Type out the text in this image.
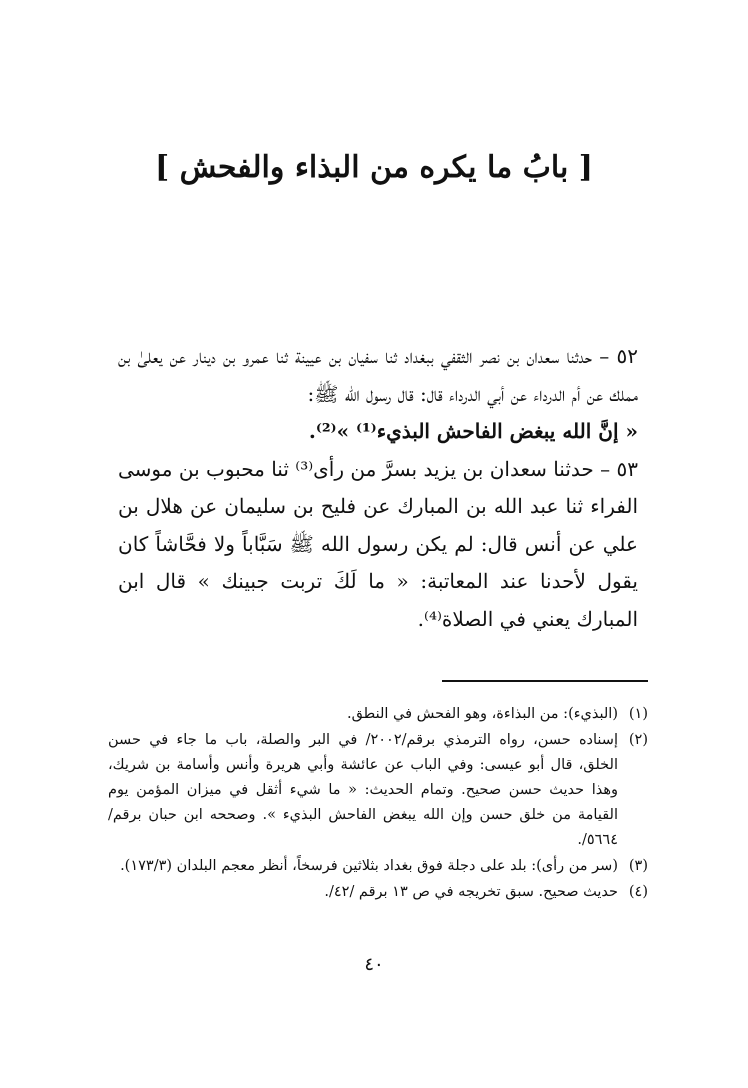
[ بابُ ما يكره من البذاء والفحش ]

٥٢ – حدثنا سعدان بن نصر الثقفي ببغداد ثنا سفيان بن عيينة ثنا عمرو بن دينار عن يعلىٰ بن مملك عن أم الدرداء عن أبي الدرداء قال: قال رسول الله ﷺ:

« إنَّ الله يبغض الفاحش البذيء⁽¹⁾ »⁽²⁾.

٥٣ – حدثنا سعدان بن يزيد بسرَّ من رأى⁽³⁾ ثنا محبوب بن موسى الفراء ثنا عبد الله بن المبارك عن فليح بن سليمان عن هلال بن علي عن أنس قال: لم يكن رسول الله ﷺ سَبَّاباً ولا فحَّاشاً كان يقول لأحدنا عند المعاتبة: « ما لَكَ تربت جبينك » قال ابن المبارك يعني في الصلاة⁽⁴⁾.

(١)
(البذيء): من البذاءة، وهو الفحش في النطق.
(٢)
إسناده حسن، رواه الترمذي برقم/٢٠٠٢/ في البر والصلة، باب ما جاء في حسن الخلق، قال أبو عيسى: وفي الباب عن عائشة وأبي هريرة وأنس وأسامة بن شريك، وهذا حديث حسن صحيح. وتمام الحديث: « ما شيء أثقل في ميزان المؤمن يوم القيامة من خلق حسن وإن الله يبغض الفاحش البذيء ». وصححه ابن حبان برقم/٥٦٦٤/.
(٣)
(سر من رأى): بلد على دجلة فوق بغداد بثلاثين فرسخاً، أنظر معجم البلدان (١٧٣/٣).
(٤)
حديث صحيح. سبق تخريجه في ص ١٣ برقم /٤٢/.
٤٠
